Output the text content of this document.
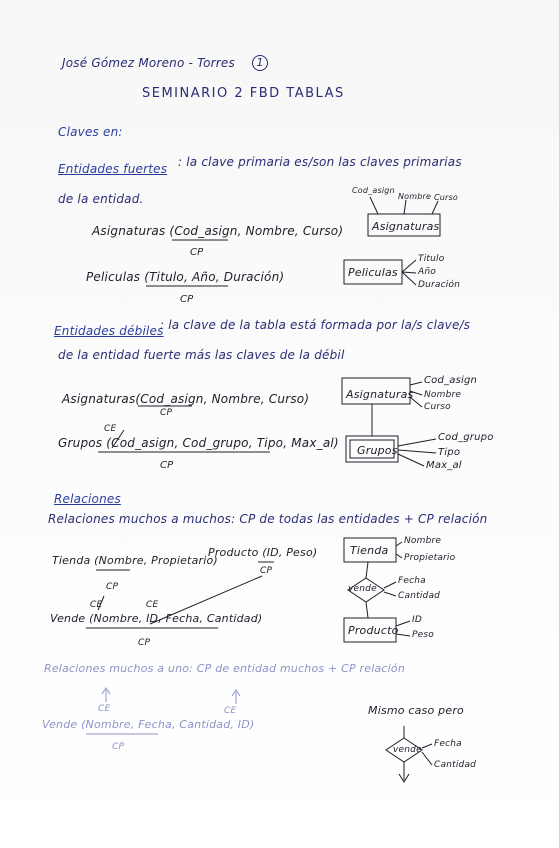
José Gómez Moreno - Torres	1
SEMINARIO 2 FBD TABLAS
Claves en:
Entidades fuertes : la clave primaria es/son las claves primarias
de la entidad.
Asignaturas (Cod_asign, Nombre, Curso)
CP
Peliculas (Titulo, Año, Duración)
CP
Cod_asign
Nombre Curso
Asignaturas
Peliculas
Titulo
Año
Duración
Entidades débiles
: la clave de la tabla está formada por la/s clave/s
de la entidad fuerte más las claves de la débil
Asignaturas(Cod_asign, Nombre, Curso)
CP
CE
Grupos (Cod_asign, Cod_grupo, Tipo, Max_al)
CP
Asignaturas
Cod_asign
Nombre
Curso
Grupos
Cod_grupo
Tipo
Max_al
Relaciones
Relaciones muchos a muchos: CP de todas las entidades + CP relación
Tienda (Nombre, Propietario)
Producto (ID, Peso)
CP
CP
CE	CE
Vende (Nombre, ID, Fecha, Cantidad)
CP
Tienda
Nombre
Propietario
vende
Fecha
Cantidad
Producto
ID
Peso
Relaciones muchos a uno: CP de entidad muchos + CP relación
CE	CE
Vende (Nombre, Fecha, Cantidad, ID)
CP
Mismo caso pero
vende
Fecha
Cantidad
